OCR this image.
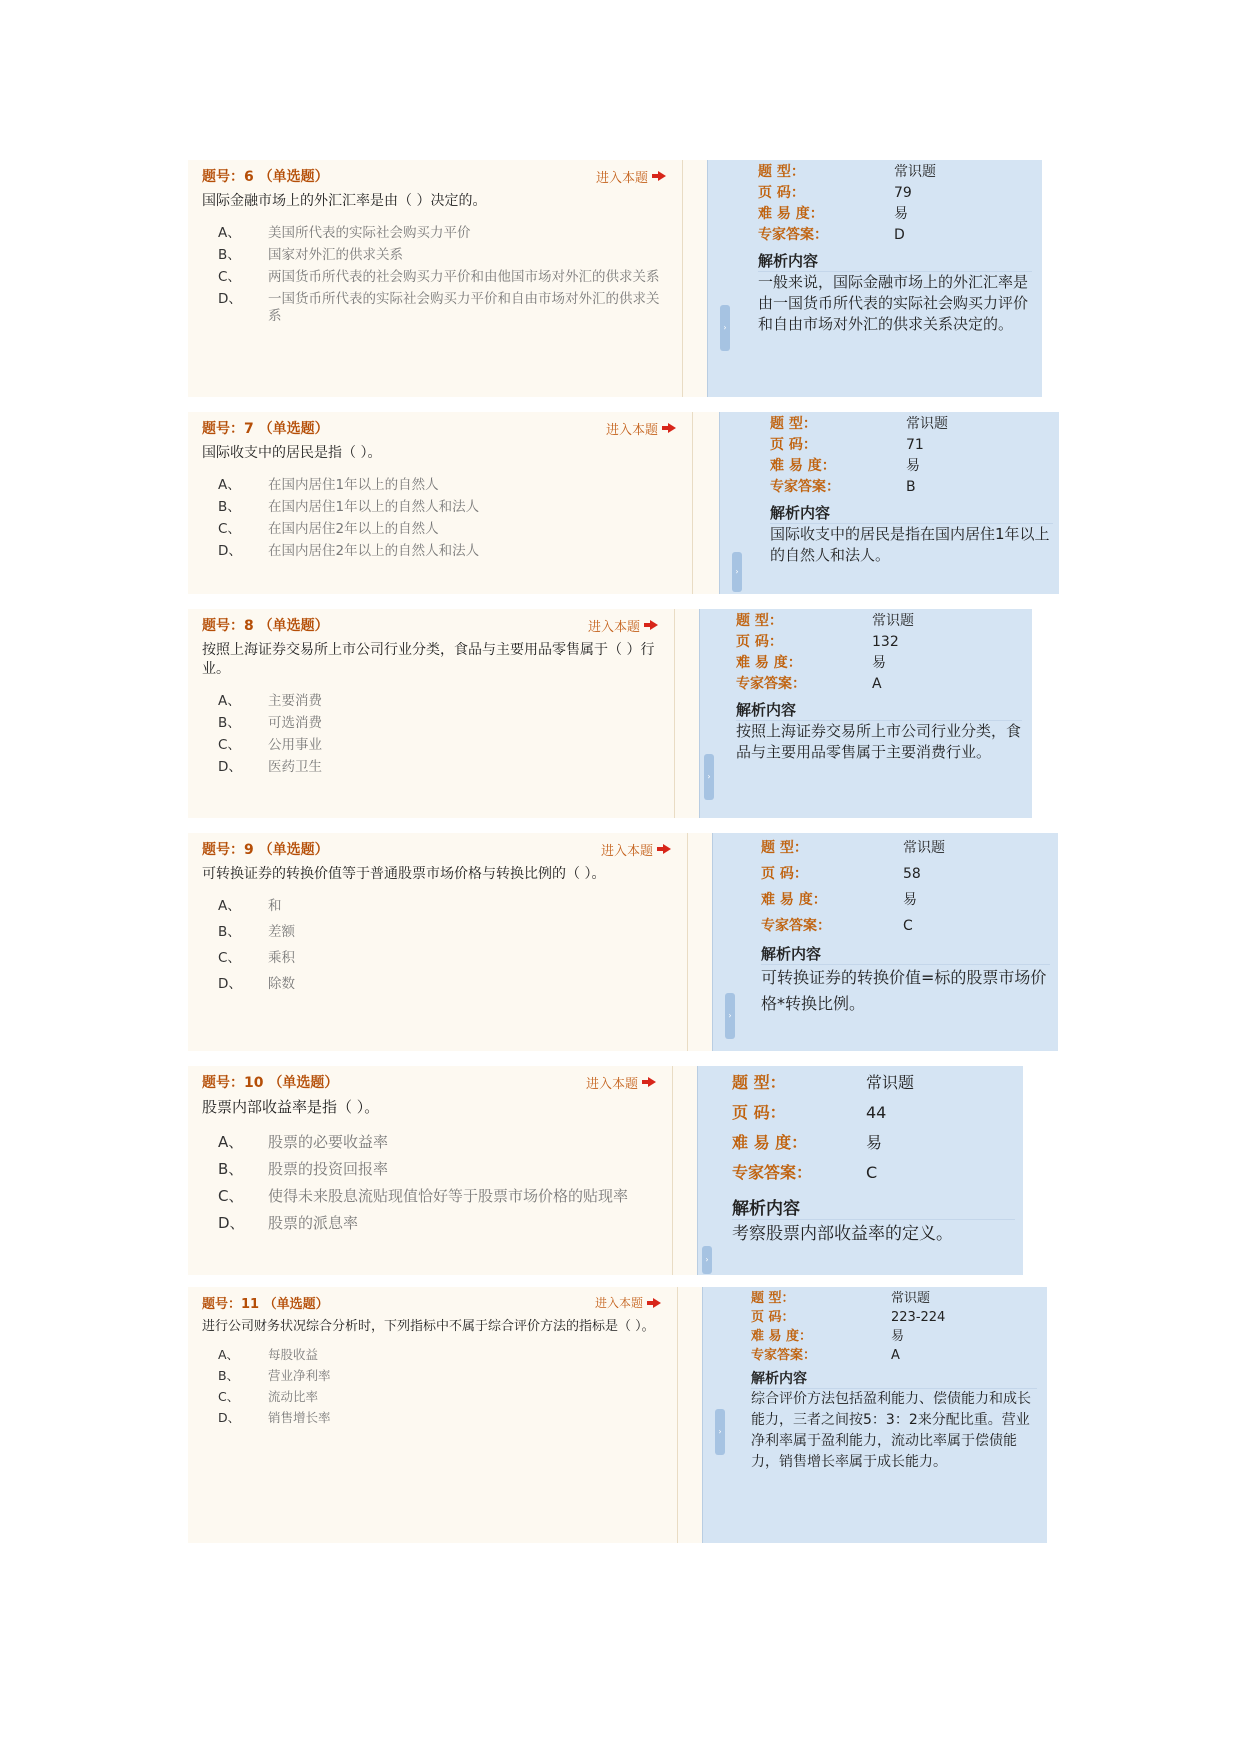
题号：6 （单选题）	进入本题
国际金融市场上的外汇汇率是由（ ）决定的。
A、	美国所代表的实际社会购买力平价
B、	国家对外汇的供求关系
C、	两国货币所代表的社会购买力平价和由他国市场对外汇的供求关系
D、	一国货币所代表的实际社会购买力平价和自由市场对外汇的供求关系
›
题 型：	常识题
页 码：	79
难 易 度：	易
专家答案：	D
解析内容
一般来说，国际金融市场上的外汇汇率是由一国货币所代表的实际社会购买力评价和自由市场对外汇的供求关系决定的。
题号：7 （单选题）	进入本题
国际收支中的居民是指（ ）。
A、	在国内居住1年以上的自然人
B、	在国内居住1年以上的自然人和法人
C、	在国内居住2年以上的自然人
D、	在国内居住2年以上的自然人和法人
›
题 型：	常识题
页 码：	71
难 易 度：	易
专家答案：	B
解析内容
国际收支中的居民是指在国内居住1年以上的自然人和法人。
题号：8 （单选题）	进入本题
按照上海证券交易所上市公司行业分类，食品与主要用品零售属于（ ）行业。
A、	主要消费
B、	可选消费
C、	公用事业
D、	医药卫生
›
题 型：	常识题
页 码：	132
难 易 度：	易
专家答案：	A
解析内容
按照上海证券交易所上市公司行业分类，食品与主要用品零售属于主要消费行业。
题号：9 （单选题）	进入本题
可转换证券的转换价值等于普通股票市场价格与转换比例的（ ）。
A、	和
B、	差额
C、	乘积
D、	除数
›
题 型：	常识题
页 码：	58
难 易 度：	易
专家答案：	C
解析内容
可转换证券的转换价值=标的股票市场价格*转换比例。
题号：10 （单选题）	进入本题
股票内部收益率是指（ ）。
A、	股票的必要收益率
B、	股票的投资回报率
C、	使得未来股息流贴现值恰好等于股票市场价格的贴现率
D、	股票的派息率
›
题 型：	常识题
页 码：	44
难 易 度：	易
专家答案：	C
解析内容
考察股票内部收益率的定义。
题号：11 （单选题）	进入本题
进行公司财务状况综合分析时，下列指标中不属于综合评价方法的指标是（ ）。
A、	每股收益
B、	营业净利率
C、	流动比率
D、	销售增长率
›
题 型：	常识题
页 码：	223-224
难 易 度：	易
专家答案：	A
解析内容
综合评价方法包括盈利能力、偿债能力和成长能力，三者之间按5：3：2来分配比重。营业净利率属于盈利能力，流动比率属于偿债能力，销售增长率属于成长能力。
